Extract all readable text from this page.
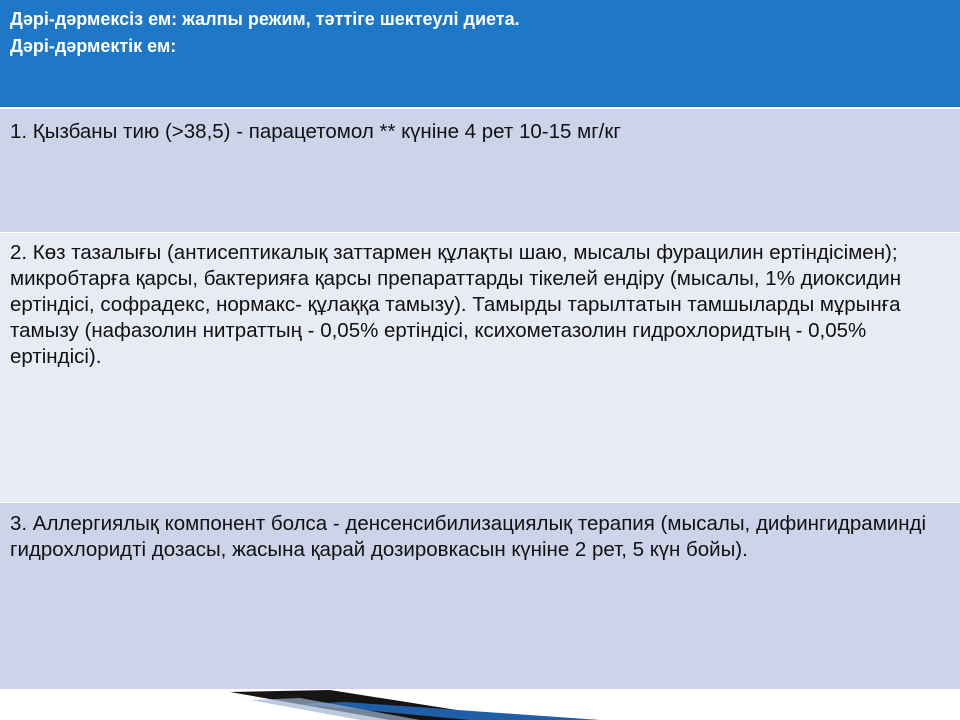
Дәрі-дәрмексіз ем: жалпы режим, тәттіге шектеулі диета.
Дәрі-дәрмектік ем:

1. Қызбаны тию (>38,5) - парацетомол ** күніне 4 рет 10-15 мг/кг
2. Көз тазалығы (антисептикалық заттармен құлақты шаю, мысалы фурацилин ертіндісімен); микробтарға қарсы, бактерияға қарсы препараттарды тікелей ендіру (мысалы, 1% диоксидин ертіндісі, софрадекс, нормакс- құлаққа тамызу). Тамырды тарылтатын тамшыларды мұрынға тамызу (нафазолин нитраттың - 0,05% ертіндісі, ксихометазолин гидрохлоридтың - 0,05% ертіндісі).
3. Аллергиялық компонент болса - денсенсибилизациялық терапия (мысалы, дифингидраминді гидрохлоридті дозасы, жасына қарай дозировкасын күніне 2 рет, 5 күн бойы).
